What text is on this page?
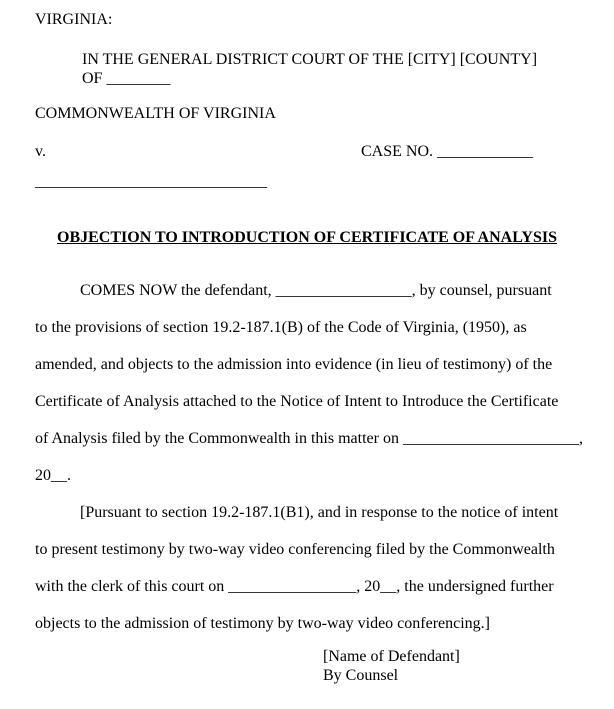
VIRGINIA:
IN THE GENERAL DISTRICT COURT OF THE [CITY] [COUNTY]
OF ________
COMMONWEALTH OF VIRGINIA
v.	CASE NO. ____________
_____________________________
OBJECTION TO INTRODUCTION OF CERTIFICATE OF ANALYSIS
COMES NOW the defendant, _________________, by counsel, pursuant
to the provisions of section 19.2-187.1(B) of the Code of Virginia, (1950), as
amended, and objects to the admission into evidence (in lieu of testimony) of the
Certificate of Analysis attached to the Notice of Intent to Introduce the Certificate
of Analysis filed by the Commonwealth in this matter on ______________________,
20__.
[Pursuant to section 19.2-187.1(B1), and in response to the notice of intent
to present testimony by two-way video conferencing filed by the Commonwealth
with the clerk of this court on ________________, 20__, the undersigned further
objects to the admission of testimony by two-way video conferencing.]
[Name of Defendant]
By Counsel
